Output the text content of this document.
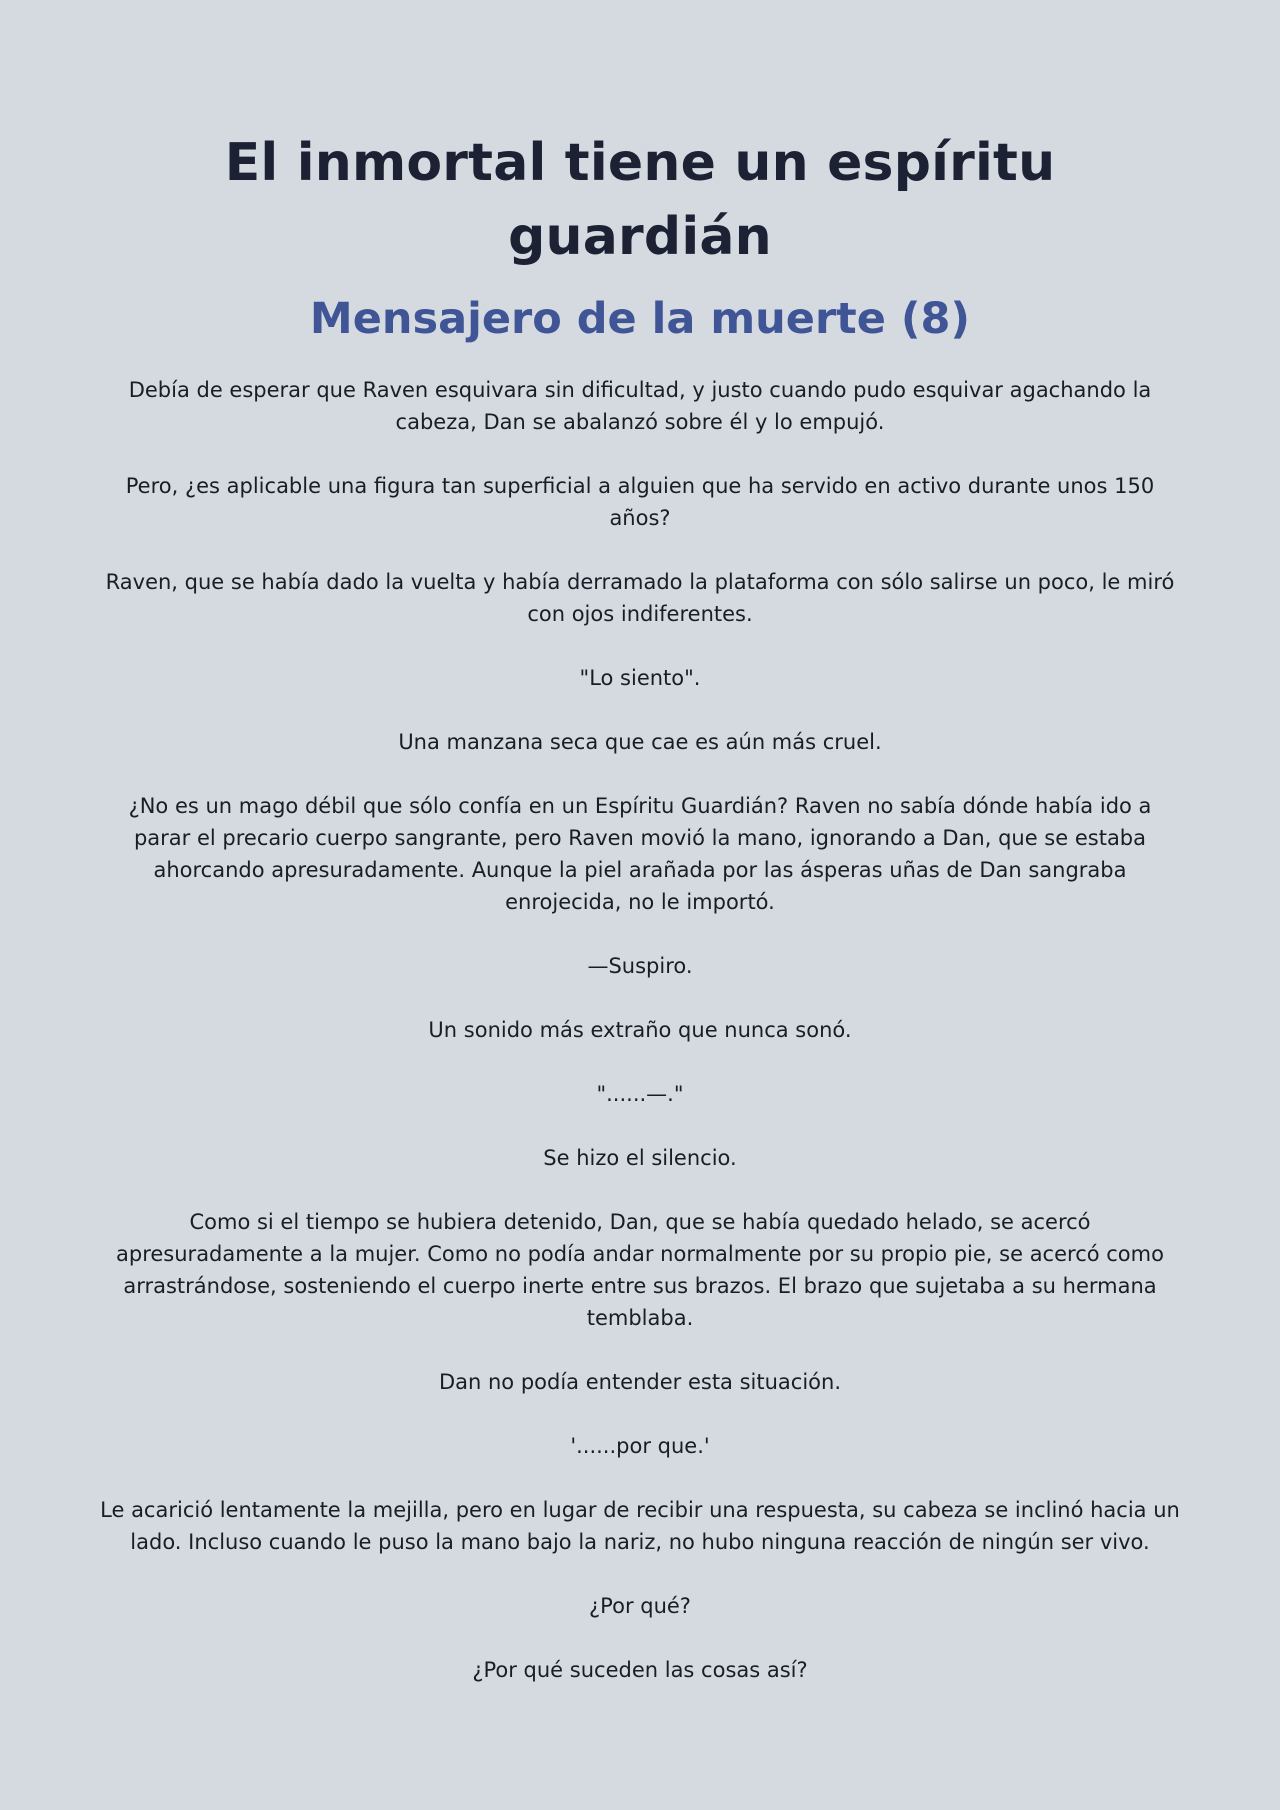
El inmortal tiene un espíritu guardián
Mensajero de la muerte (8)

Debía de esperar que Raven esquivara sin dificultad, y justo cuando pudo esquivar agachando la cabeza, Dan se abalanzó sobre él y lo empujó.

Pero, ¿es aplicable una figura tan superficial a alguien que ha servido en activo durante unos 150 años?

Raven, que se había dado la vuelta y había derramado la plataforma con sólo salirse un poco, le miró con ojos indiferentes.

"Lo siento".

Una manzana seca que cae es aún más cruel.

¿No es un mago débil que sólo confía en un Espíritu Guardián? Raven no sabía dónde había ido a parar el precario cuerpo sangrante, pero Raven movió la mano, ignorando a Dan, que se estaba ahorcando apresuradamente. Aunque la piel arañada por las ásperas uñas de Dan sangraba enrojecida, no le importó.

—Suspiro.

Un sonido más extraño que nunca sonó.

"......—."

Se hizo el silencio.

Como si el tiempo se hubiera detenido, Dan, que se había quedado helado, se acercó apresuradamente a la mujer. Como no podía andar normalmente por su propio pie, se acercó como arrastrándose, sosteniendo el cuerpo inerte entre sus brazos. El brazo que sujetaba a su hermana temblaba.

Dan no podía entender esta situación.

'......por que.'

Le acarició lentamente la mejilla, pero en lugar de recibir una respuesta, su cabeza se inclinó hacia un lado. Incluso cuando le puso la mano bajo la nariz, no hubo ninguna reacción de ningún ser vivo.

¿Por qué?

¿Por qué suceden las cosas así?
